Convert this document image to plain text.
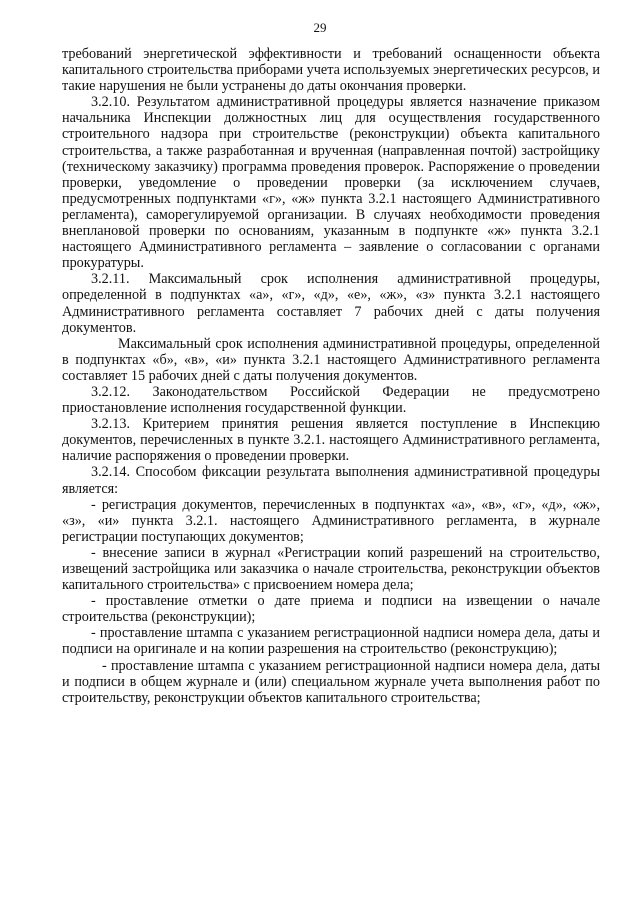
29

требований энергетической эффективности и требований оснащенности объекта капитального строительства приборами учета используемых энергетических ресурсов, и такие нарушения не были устранены до даты окончания проверки.

3.2.10. Результатом административной процедуры является назначение приказом начальника Инспекции должностных лиц для осуществления государственного строительного надзора при строительстве (реконструкции) объекта капитального строительства, а также разработанная и врученная (направленная почтой) застройщику (техническому заказчику) программа проведения проверок. Распоряжение о проведении проверки, уведомление о проведении проверки (за исключением случаев, предусмотренных подпунктами «г», «ж» пункта 3.2.1 настоящего Административного регламента), саморегулируемой организации. В случаях необходимости проведения внеплановой проверки по основаниям, указанным в подпункте «ж» пункта 3.2.1 настоящего Административного регламента – заявление о согласовании с органами прокуратуры.

3.2.11. Максимальный срок исполнения административной процедуры, определенной в подпунктах «а», «г», «д», «е», «ж», «з» пункта 3.2.1 настоящего Административного регламента составляет 7 рабочих дней с даты получения документов.

Максимальный срок исполнения административной процедуры, определенной в подпунктах «б», «в», «и» пункта 3.2.1 настоящего Административного регламента составляет 15 рабочих дней с даты получения документов.

3.2.12. Законодательством Российской Федерации не предусмотрено приостановление исполнения государственной функции.

3.2.13. Критерием принятия решения является поступление в Инспекцию документов, перечисленных в пункте 3.2.1. настоящего Административного регламента, наличие распоряжения о проведении проверки.

3.2.14. Способом фиксации результата выполнения административной процедуры является:

- регистрация документов, перечисленных в подпунктах «а», «в», «г», «д», «ж», «з», «и» пункта 3.2.1. настоящего Административного регламента, в журнале регистрации поступающих документов;

- внесение записи в журнал «Регистрации копий разрешений на строительство, извещений застройщика или заказчика о начале строительства, реконструкции объектов капитального строительства» с присвоением номера дела;

- проставление отметки о дате приема и подписи на извещении о начале строительства (реконструкции);

- проставление штампа с указанием регистрационной надписи номера дела, даты и подписи на оригинале и на копии разрешения на строительство (реконструкцию);

- проставление штампа с указанием регистрационной надписи номера дела, даты и подписи в общем журнале и (или) специальном журнале учета выполнения работ по строительству, реконструкции объектов капитального строительства;
